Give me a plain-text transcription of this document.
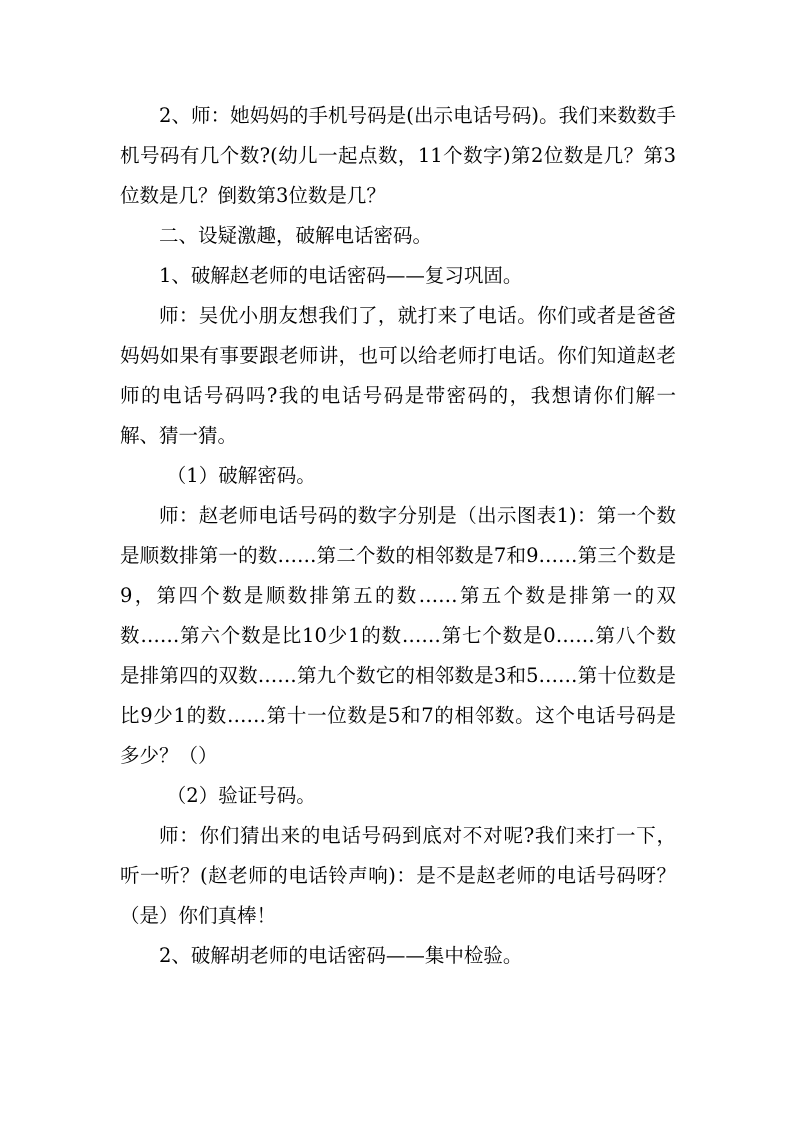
2、师：她妈妈的手机号码是(出示电话号码)。我们来数数手机号码有几个数?(幼儿一起点数，11个数字)第2位数是几？第3位数是几？倒数第3位数是几？

二、设疑激趣，破解电话密码。

1、破解赵老师的电话密码——复习巩固。

师：吴优小朋友想我们了，就打来了电话。你们或者是爸爸妈妈如果有事要跟老师讲，也可以给老师打电话。你们知道赵老师的电话号码吗?我的电话号码是带密码的，我想请你们解一解、猜一猜。

（1）破解密码。

师：赵老师电话号码的数字分别是（出示图表1)：第一个数是顺数排第一的数……第二个数的相邻数是7和9……第三个数是9，第四个数是顺数排第五的数……第五个数是排第一的双数……第六个数是比10少1的数……第七个数是0……第八个数是排第四的双数……第九个数它的相邻数是3和5……第十位数是比9少1的数……第十一位数是5和7的相邻数。这个电话号码是多少？（）

（2）验证号码。

师：你们猜出来的电话号码到底对不对呢?我们来打一下，听一听？(赵老师的电话铃声响)：是不是赵老师的电话号码呀？（是）你们真棒！

2、破解胡老师的电话密码——集中检验。
